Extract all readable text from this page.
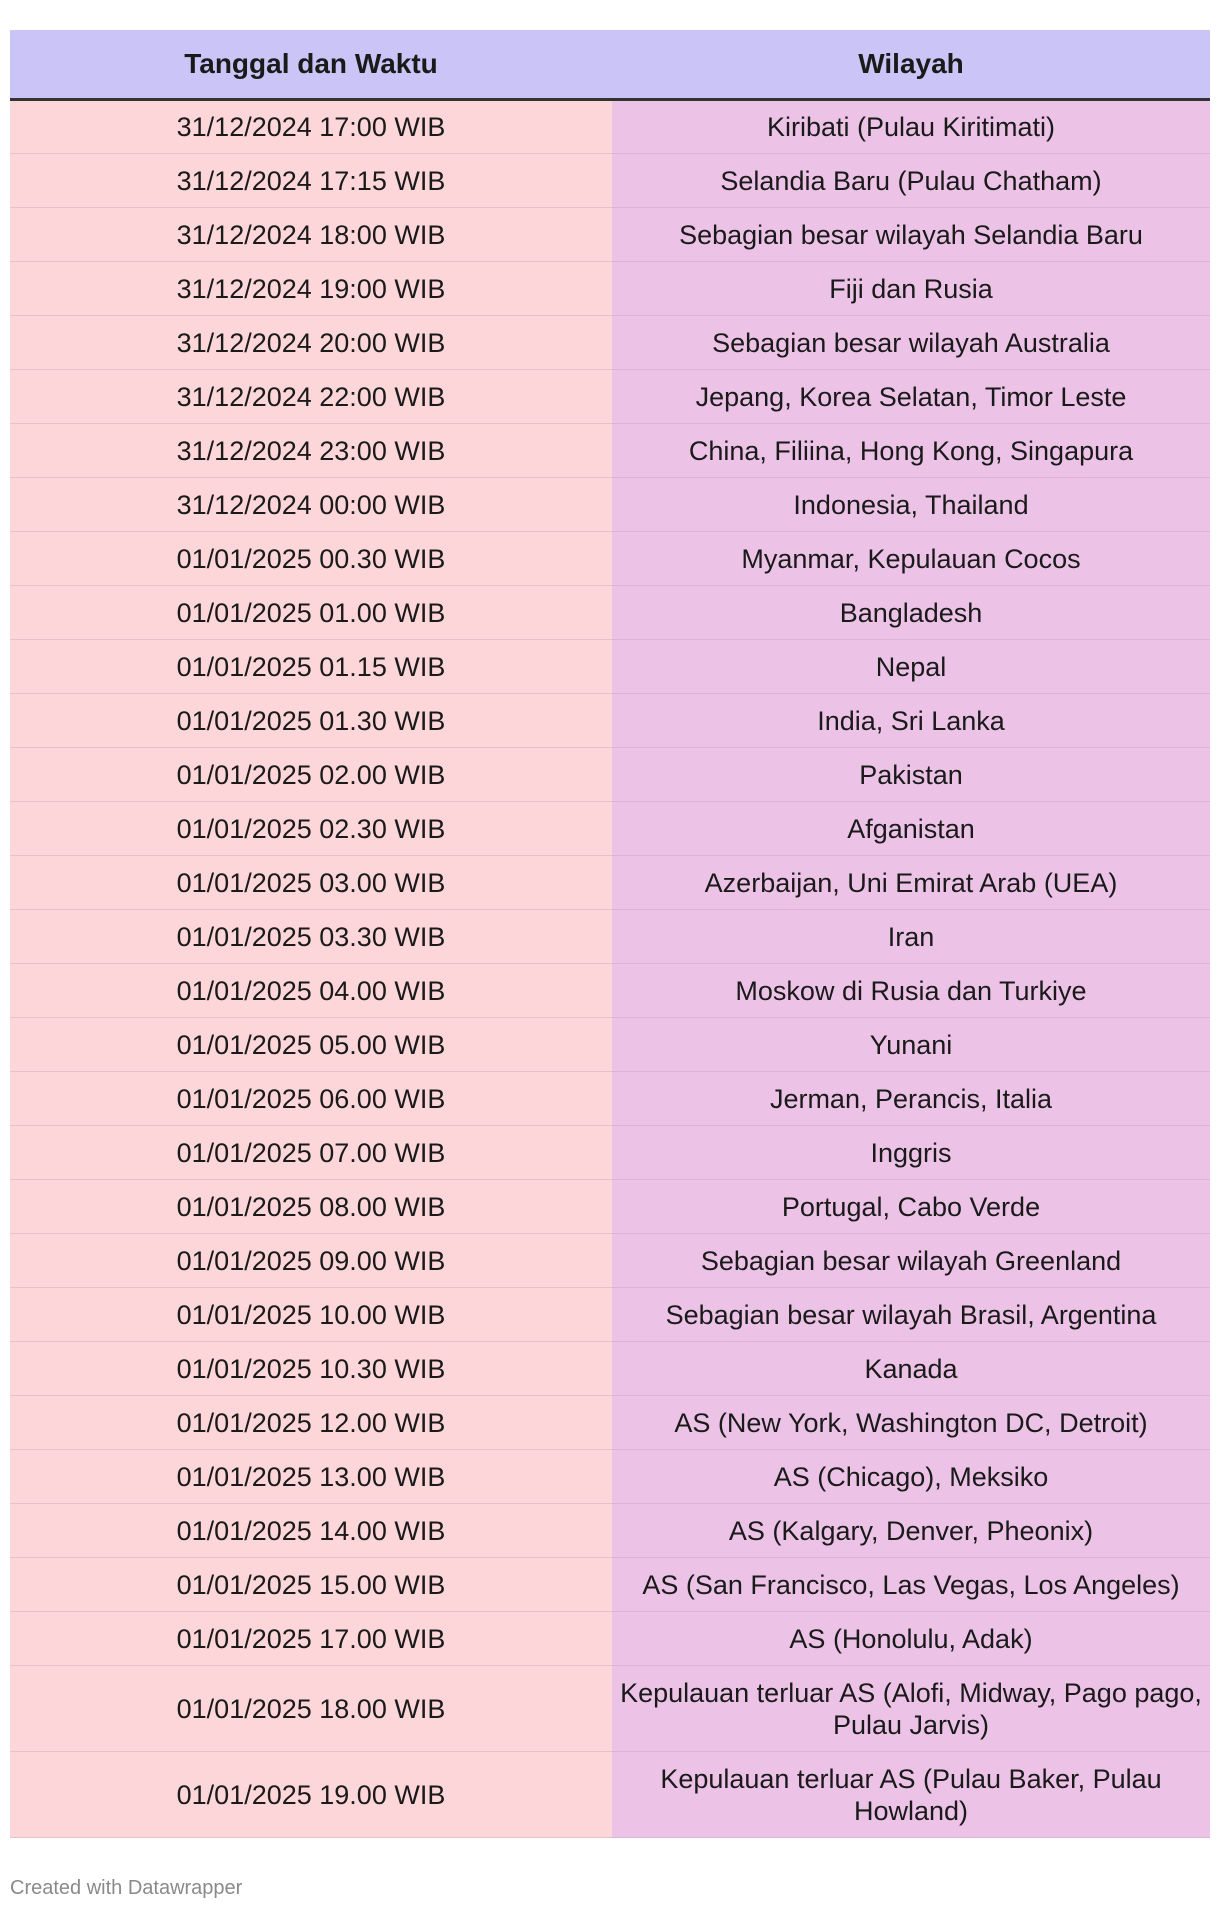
Tanggal dan Waktu	Wilayah
31/12/2024 17:00 WIB	Kiribati (Pulau Kiritimati)
31/12/2024 17:15 WIB	Selandia Baru (Pulau Chatham)
31/12/2024 18:00 WIB	Sebagian besar wilayah Selandia Baru
31/12/2024 19:00 WIB	Fiji dan Rusia
31/12/2024 20:00 WIB	Sebagian besar wilayah Australia
31/12/2024 22:00 WIB	Jepang, Korea Selatan, Timor Leste
31/12/2024 23:00 WIB	China, Filiina, Hong Kong, Singapura
31/12/2024 00:00 WIB	Indonesia, Thailand
01/01/2025 00.30 WIB	Myanmar, Kepulauan Cocos
01/01/2025 01.00 WIB	Bangladesh
01/01/2025 01.15 WIB	Nepal
01/01/2025 01.30 WIB	India, Sri Lanka
01/01/2025 02.00 WIB	Pakistan
01/01/2025 02.30 WIB	Afganistan
01/01/2025 03.00 WIB	Azerbaijan, Uni Emirat Arab (UEA)
01/01/2025 03.30 WIB	Iran
01/01/2025 04.00 WIB	Moskow di Rusia dan Turkiye
01/01/2025 05.00 WIB	Yunani
01/01/2025 06.00 WIB	Jerman, Perancis, Italia
01/01/2025 07.00 WIB	Inggris
01/01/2025 08.00 WIB	Portugal, Cabo Verde
01/01/2025 09.00 WIB	Sebagian besar wilayah Greenland
01/01/2025 10.00 WIB	Sebagian besar wilayah Brasil, Argentina
01/01/2025 10.30 WIB	Kanada
01/01/2025 12.00 WIB	AS (New York, Washington DC, Detroit)
01/01/2025 13.00 WIB	AS (Chicago), Meksiko
01/01/2025 14.00 WIB	AS (Kalgary, Denver, Pheonix)
01/01/2025 15.00 WIB	AS (San Francisco, Las Vegas, Los Angeles)
01/01/2025 17.00 WIB	AS (Honolulu, Adak)
01/01/2025 18.00 WIB	Kepulauan terluar AS (Alofi, Midway, Pago pago, Pulau Jarvis)
01/01/2025 19.00 WIB	Kepulauan terluar AS (Pulau Baker, Pulau Howland)
Created with Datawrapper
